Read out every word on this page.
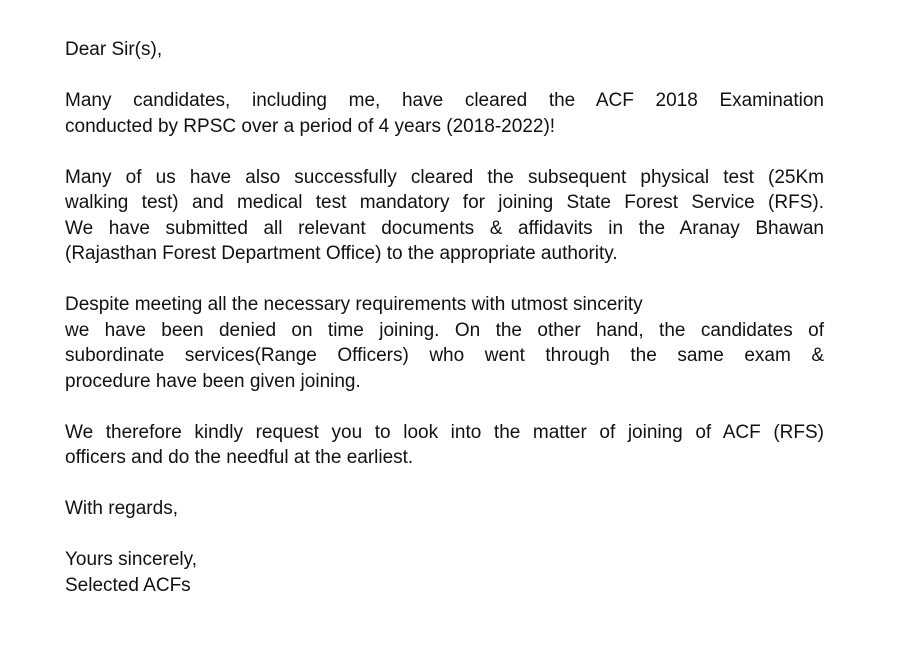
Dear Sir(s),

Many candidates, including me, have cleared the ACF 2018 Examination
conducted by RPSC over a period of 4 years (2018-2022)!

Many of us have also successfully cleared the subsequent physical test (25Km
walking test) and medical test mandatory for joining State Forest Service (RFS).
We have submitted all relevant documents & affidavits in the Aranay Bhawan
(Rajasthan Forest Department Office) to the appropriate authority.

Despite meeting all the necessary requirements with utmost sincerity
we have been denied on time joining. On the other hand, the candidates of
subordinate services(Range Officers) who went through the same exam &
procedure have been given joining.

We therefore kindly request you to look into the matter of joining of ACF (RFS)
officers and do the needful at the earliest.

With regards,

Yours sincerely,

Selected ACFs
